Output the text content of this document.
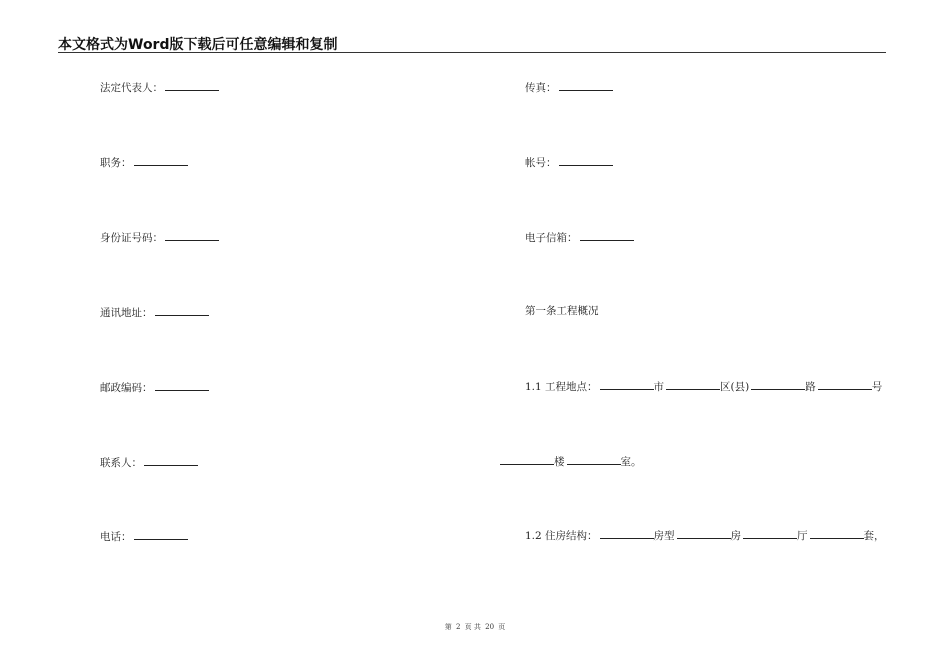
本文格式为Word版下载后可任意编辑和复制
法定代表人：
职务：
身份证号码：
通讯地址：
邮政编码：
联系人：
电话：
传真：
帐号：
电子信箱：
第一条工程概况
1.1 工程地点：	市	区(县)	路	号
楼	室。
1.2 住房结构：	房型	房	厅	套，
第 2 页 共 20 页
